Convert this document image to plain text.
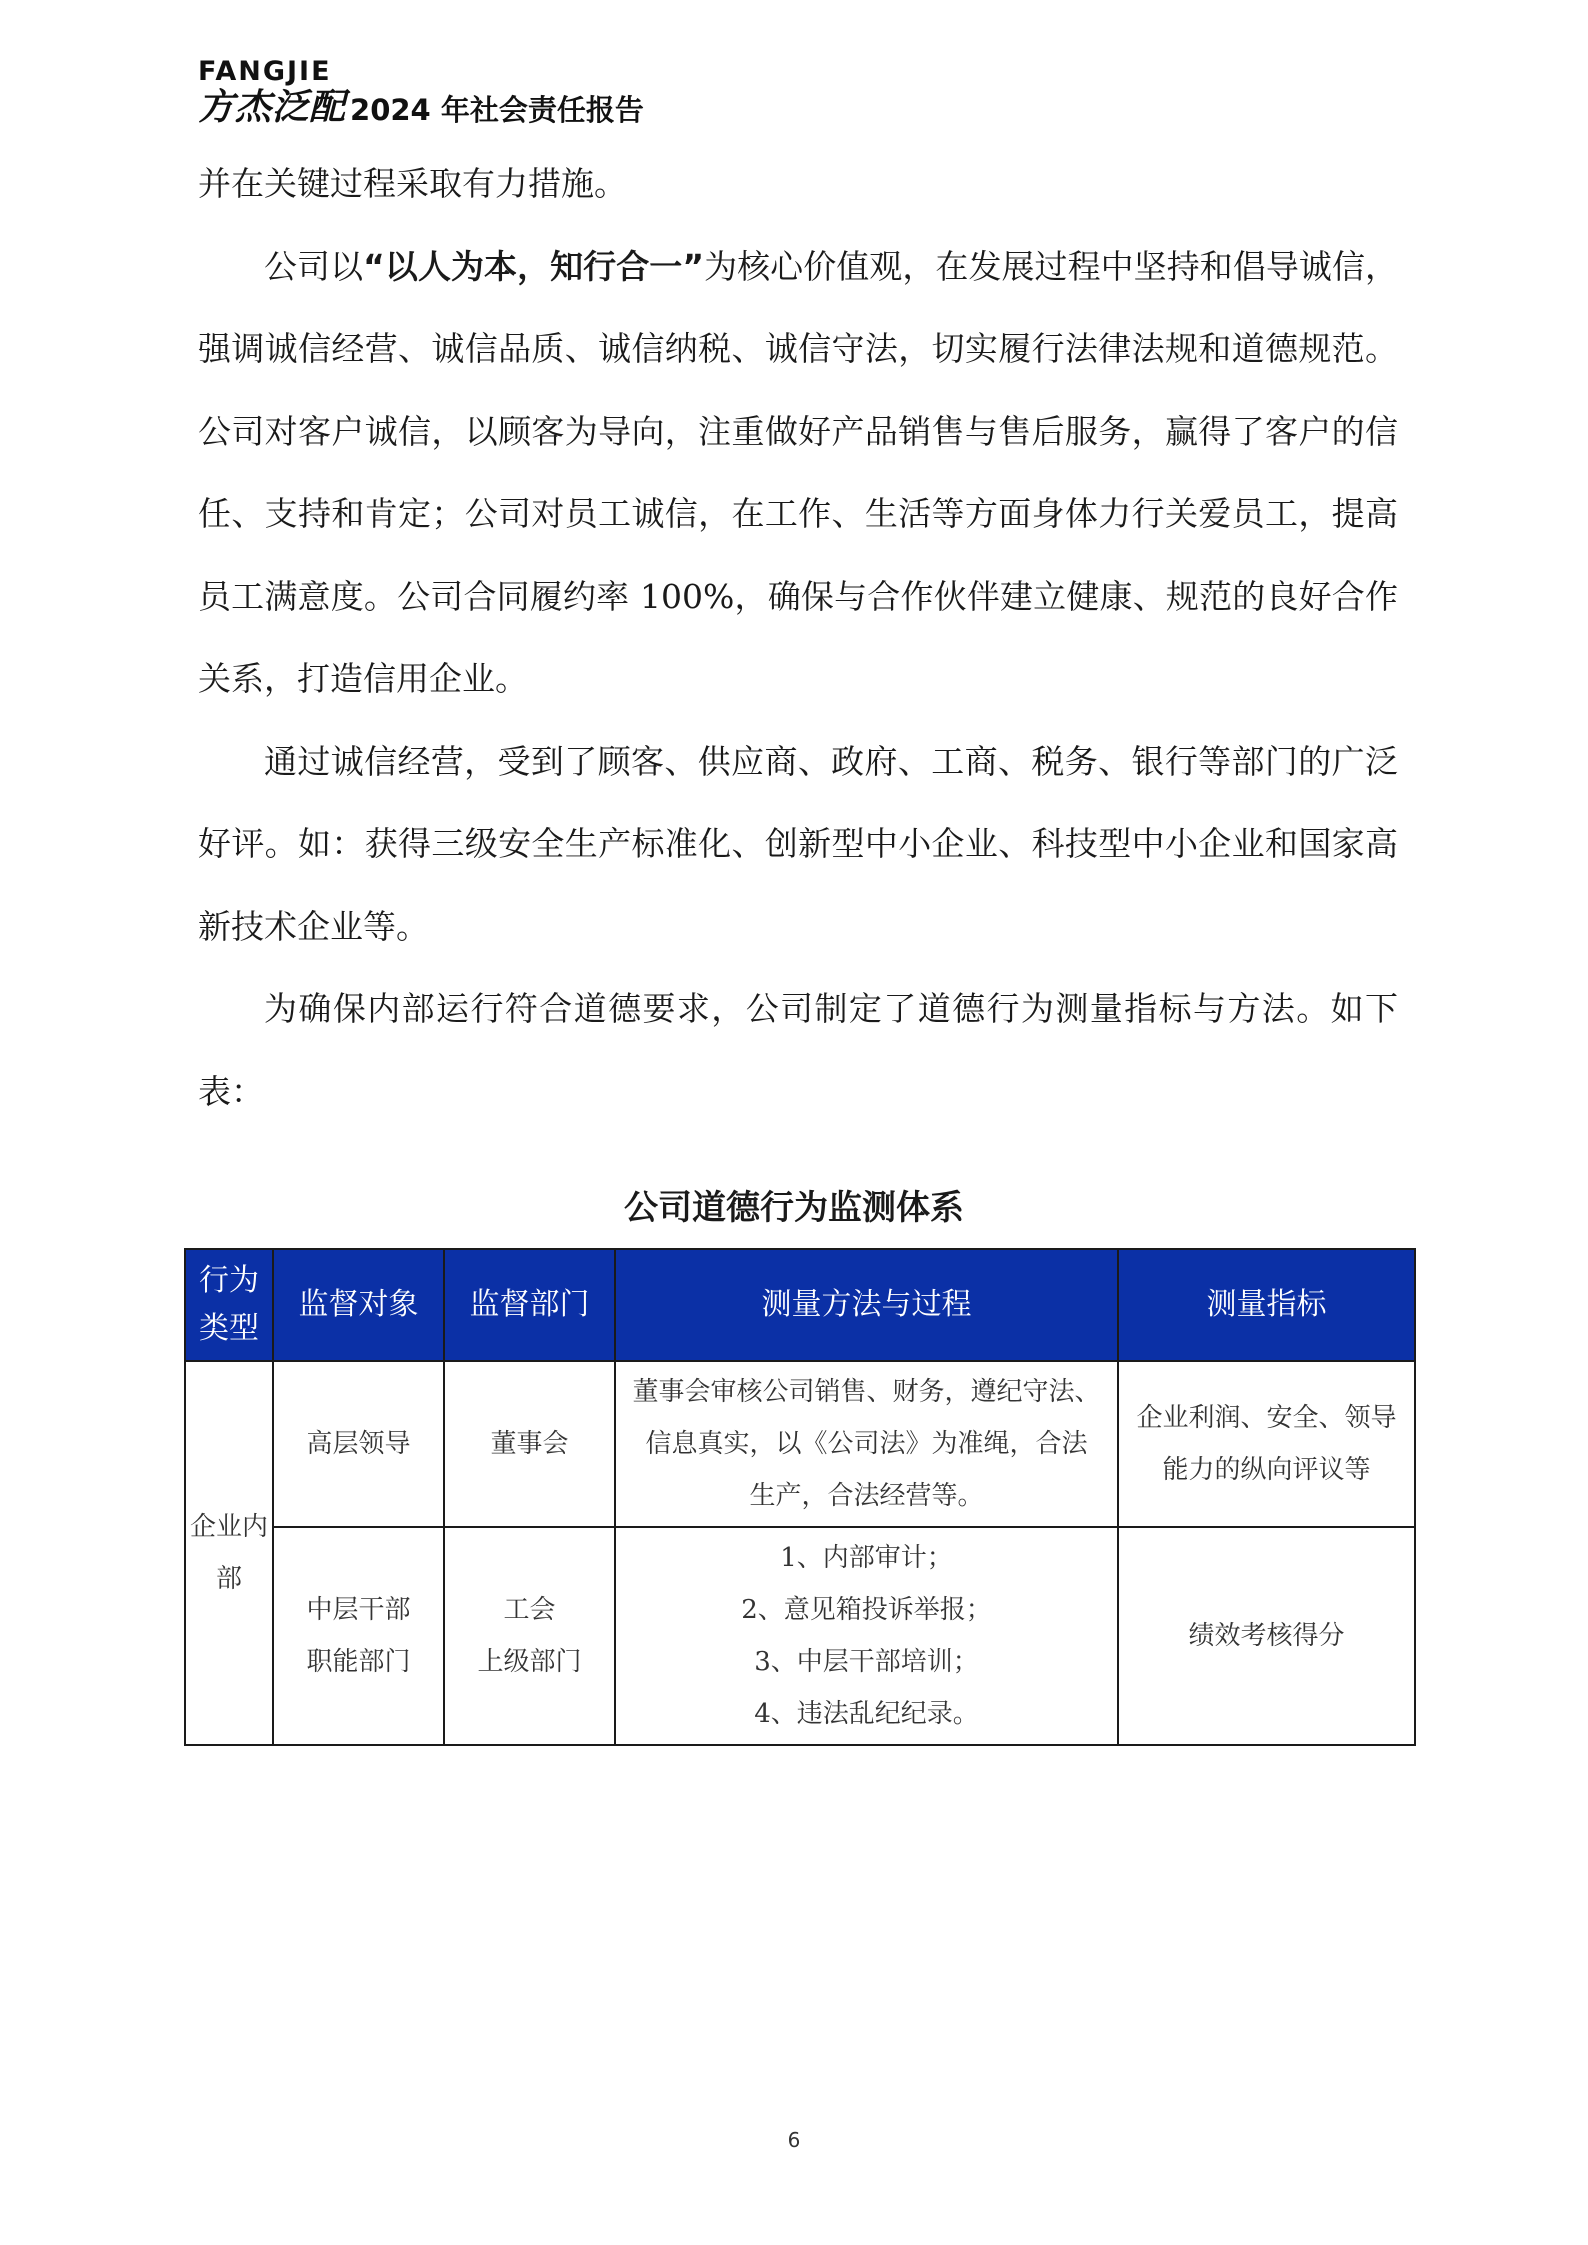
FANGJIE
方杰泛配 2024 年社会责任报告

并在关键过程采取有力措施。

公司以“以人为本，知行合一”为核心价值观，在发展过程中坚持和倡导诚信，强调诚信经营、诚信品质、诚信纳税、诚信守法，切实履行法律法规和道德规范。公司对客户诚信，以顾客为导向，注重做好产品销售与售后服务，赢得了客户的信任、支持和肯定；公司对员工诚信，在工作、生活等方面身体力行关爱员工，提高员工满意度。公司合同履约率 100%，确保与合作伙伴建立健康、规范的良好合作关系，打造信用企业。

通过诚信经营，受到了顾客、供应商、政府、工商、税务、银行等部门的广泛好评。如：获得三级安全生产标准化、创新型中小企业、科技型中小企业和国家高新技术企业等。

为确保内部运行符合道德要求，公司制定了道德行为测量指标与方法。如下表：

公司道德行为监测体系
行为
类型	监督对象	监督部门	测量方法与过程	测量指标

企业内
部	高层领导	董事会	董事会审核公司销售、财务，遵纪守法、
信息真实，以《公司法》为准绳，合法
生产，合法经营等。	企业利润、安全、领导
能力的纵向评议等

	中层干部
职能部门	工会
上级部门	1、内部审计；
2、意见箱投诉举报；
3、中层干部培训；
4、违法乱纪纪录。	绩效考核得分
6
